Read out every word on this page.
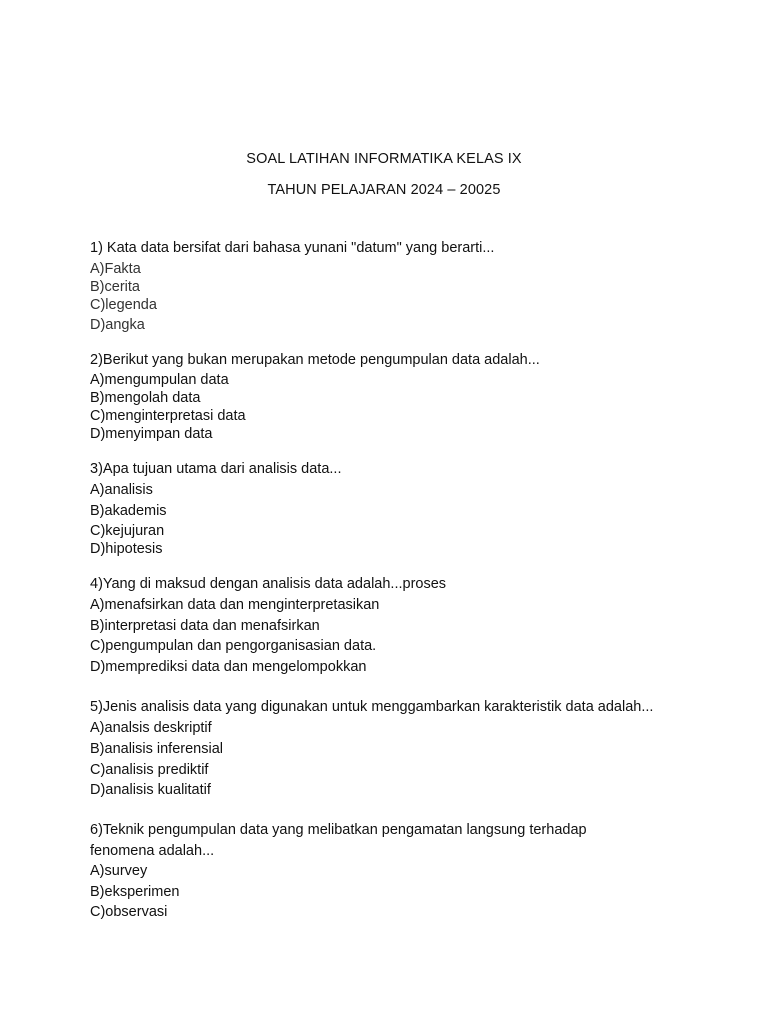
SOAL LATIHAN INFORMATIKA KELAS IX
TAHUN PELAJARAN 2024 – 20025
1) Kata data bersifat dari bahasa yunani "datum" yang berarti...
A)Fakta
B)cerita
C)legenda
D)angka
2)Berikut yang bukan merupakan metode pengumpulan data adalah...
A)mengumpulan data
B)mengolah data
C)menginterpretasi data
D)menyimpan data
3)Apa tujuan utama dari analisis data...
A)analisis
B)akademis
C)kejujuran
D)hipotesis
4)Yang di maksud dengan analisis data adalah...proses
A)menafsirkan data dan menginterpretasikan
B)interpretasi data dan menafsirkan
C)pengumpulan dan pengorganisasian data.
D)memprediksi data dan mengelompokkan
5)Jenis analisis data yang digunakan untuk menggambarkan karakteristik data adalah...
A)analsis deskriptif
B)analisis inferensial
C)analisis prediktif
D)analisis kualitatif
6)Teknik pengumpulan data yang melibatkan pengamatan langsung terhadap
fenomena adalah...
A)survey
B)eksperimen
C)observasi
